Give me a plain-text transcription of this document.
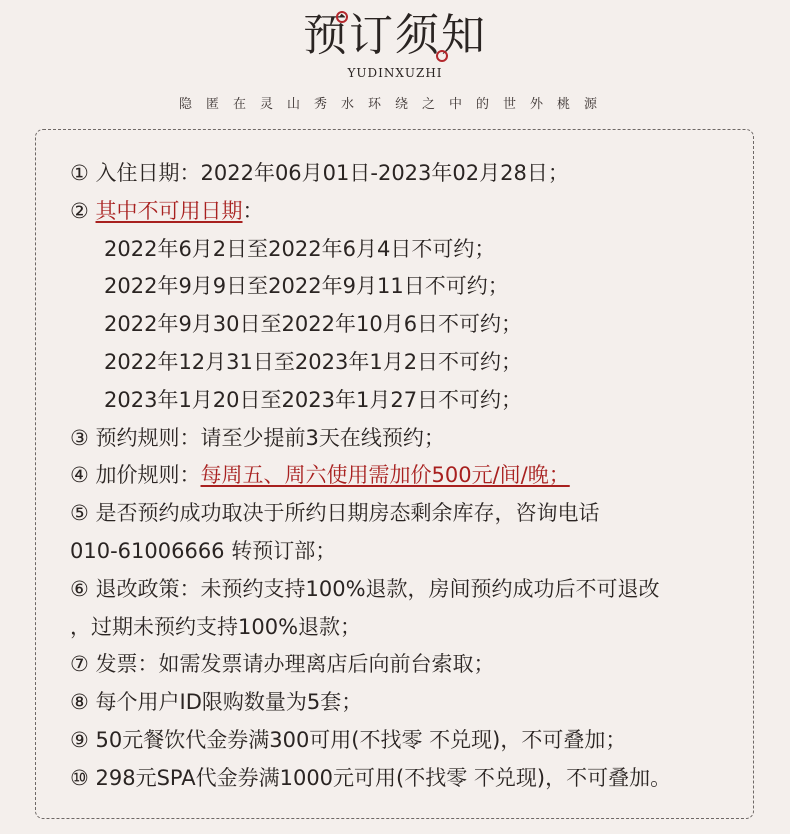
预订须知
YUDINXUZHI
隐匿在灵山秀水环绕之中的世外桃源
① 入住日期：2022年06月01日-2023年02月28日；
② 其中不可用日期：
2022年6月2日至2022年6月4日不可约；
2022年9月9日至2022年9月11日不可约；
2022年9月30日至2022年10月6日不可约；
2022年12月31日至2023年1月2日不可约；
2023年1月20日至2023年1月27日不可约；
③ 预约规则：请至少提前3天在线预约；
④ 加价规则：每周五、周六使用需加价500元/间/晚；
⑤ 是否预约成功取决于所约日期房态剩余库存，咨询电话
010-61006666 转预订部；
⑥ 退改政策：未预约支持100%退款，房间预约成功后不可退改
，过期未预约支持100%退款；
⑦ 发票：如需发票请办理离店后向前台索取；
⑧ 每个用户ID限购数量为5套；
⑨ 50元餐饮代金券满300可用(不找零 不兑现)，不可叠加；
⑩ 298元SPA代金券满1000元可用(不找零 不兑现)，不可叠加。
